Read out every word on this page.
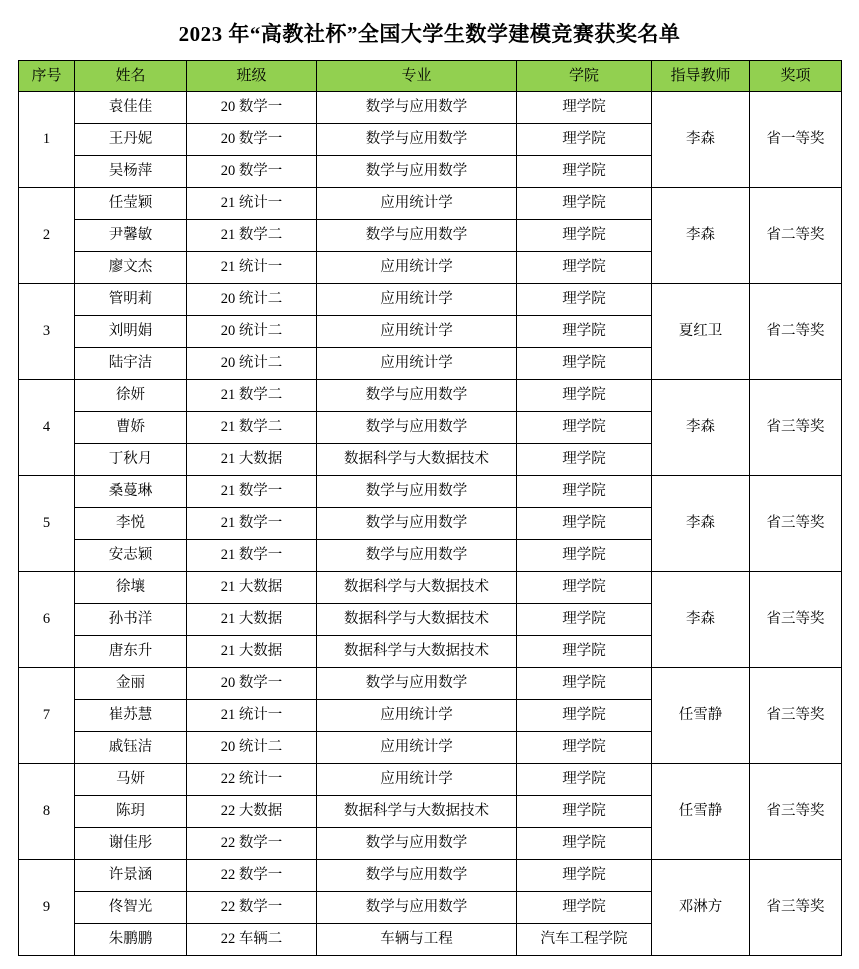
2023 年“高教社杯”全国大学生数学建模竞赛获奖名单
序号	姓名	班级	专业	学院	指导教师	奖项
1	袁佳佳	20 数学一	数学与应用数学	理学院	李森	省一等奖
	王丹妮	20 数学一	数学与应用数学	理学院		
	吴杨萍	20 数学一	数学与应用数学	理学院		
2	任莹颖	21 统计一	应用统计学	理学院	李森	省二等奖
	尹馨敏	21 数学二	数学与应用数学	理学院		
	廖文杰	21 统计一	应用统计学	理学院		
3	管明莉	20 统计二	应用统计学	理学院	夏红卫	省二等奖
	刘明娟	20 统计二	应用统计学	理学院		
	陆宇洁	20 统计二	应用统计学	理学院		
4	徐妍	21 数学二	数学与应用数学	理学院	李森	省三等奖
	曹娇	21 数学二	数学与应用数学	理学院		
	丁秋月	21 大数据	数据科学与大数据技术	理学院		
5	桑蔓琳	21 数学一	数学与应用数学	理学院	李森	省三等奖
	李悦	21 数学一	数学与应用数学	理学院		
	安志颖	21 数学一	数学与应用数学	理学院		
6	徐壤	21 大数据	数据科学与大数据技术	理学院	李森	省三等奖
	孙书洋	21 大数据	数据科学与大数据技术	理学院		
	唐东升	21 大数据	数据科学与大数据技术	理学院		
7	金丽	20 数学一	数学与应用数学	理学院	任雪静	省三等奖
	崔苏慧	21 统计一	应用统计学	理学院		
	戚钰洁	20 统计二	应用统计学	理学院		
8	马妍	22 统计一	应用统计学	理学院	任雪静	省三等奖
	陈玥	22 大数据	数据科学与大数据技术	理学院		
	谢佳彤	22 数学一	数学与应用数学	理学院		
9	许景涵	22 数学一	数学与应用数学	理学院	邓淋方	省三等奖
	佟智光	22 数学一	数学与应用数学	理学院		
	朱鹏鹏	22 车辆二	车辆与工程	汽车工程学院		
